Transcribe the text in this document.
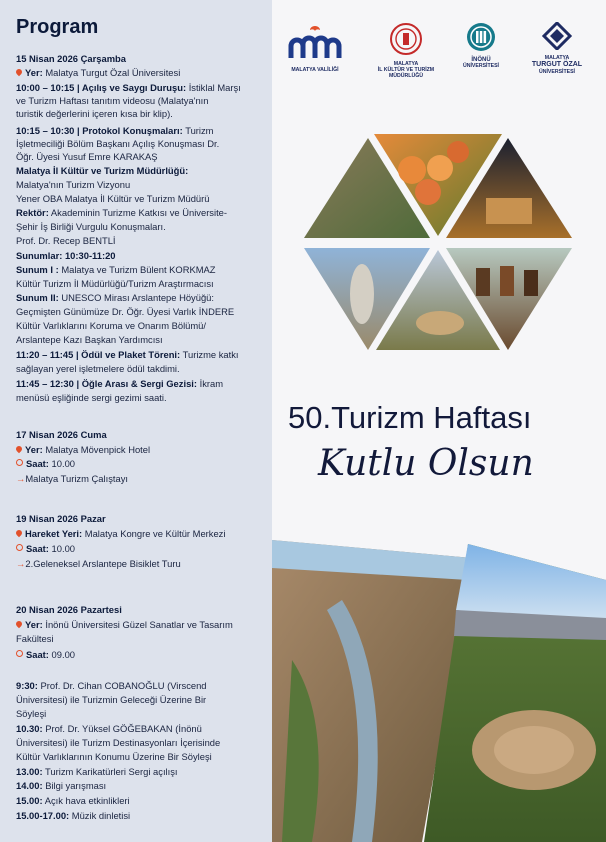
Program
15 Nisan 2026 Çarşamba
Yer: Malatya Turgut Özal Üniversitesi
10:00 – 10:15 | Açılış ve Saygı Duruşu: İstiklal Marşı
ve Turizm Haftası tanıtım videosu (Malatya'nın
turistik değerlerini içeren kısa bir klip).
10:15 – 10:30 | Protokol Konuşmaları: Turizm
İşletmeciliği Bölüm Başkanı Açılış Konuşması Dr.
Öğr. Üyesi Yusuf Emre KARAKAŞ
Malatya İl Kültür ve Turizm Müdürlüğü:
Malatya'nın Turizm Vizyonu
Yener OBA Malatya İl Kültür ve Turizm Müdürü
Rektör: Akademinin Turizme Katkısı ve Üniversite-
Şehir İş Birliği Vurgulu Konuşmaları.
Prof. Dr. Recep BENTLİ
Sunumlar: 10:30-11:20
Sunum I : Malatya ve Turizm Bülent KORKMAZ
Kültür Turizm İl Müdürlüğü/Turizm Araştırmacısı
Sunum II: UNESCO Mirası Arslantepe Höyüğü:
Geçmişten Günümüze Dr. Öğr. Üyesi Varlık İNDERE
Kültür Varlıklarını Koruma ve Onarım Bölümü/
Arslantepe Kazı Başkan Yardımcısı
11:20 – 11:45 | Ödül ve Plaket Töreni: Turizme katkı
sağlayan yerel işletmelere ödül takdimi.
11:45 – 12:30 | Öğle Arası & Sergi Gezisi: İkram
menüsü eşliğinde sergi gezimi saati.
17 Nisan 2026 Cuma
Yer: Malatya Mövenpick Hotel
Saat: 10.00
→Malatya Turizm Çalıştayı
19 Nisan 2026 Pazar
Hareket Yeri: Malatya Kongre ve Kültür Merkezi
Saat: 10.00
→2.Geleneksel Arslantepe Bisiklet Turu
20 Nisan 2026 Pazartesi
Yer: İnönü Üniversitesi Güzel Sanatlar ve Tasarım
Fakültesi
Saat: 09.00
9:30: Prof. Dr. Cihan COBANOĞLU (Virscend
Üniversitesi) ile Turizmin Geleceği Üzerine Bir
Söyleşi
10.30: Prof. Dr. Yüksel GÖĞEBAKAN (İnönü
Üniversitesi) ile Turizm Destinasyonları İçerisinde
Kültür Varlıklarının Konumu Üzerine Bir Söyleşi
13.00: Turizm Karikatürleri Sergi açılışı
14.00: Bilgi yarışması
15.00: Açık hava etkinlikleri
15.00-17.00: Müzik dinletisi
MALATYA VALİLİĞİ
MALATYA
İL KÜLTÜR VE TURİZM
MÜDÜRLÜĞÜ
İNÖNÜ
ÜNİVERSİTESİ
MALATYA
TURGUT ÖZAL
ÜNİVERSİTESİ
50.Turizm Haftası
Kutlu Olsun
